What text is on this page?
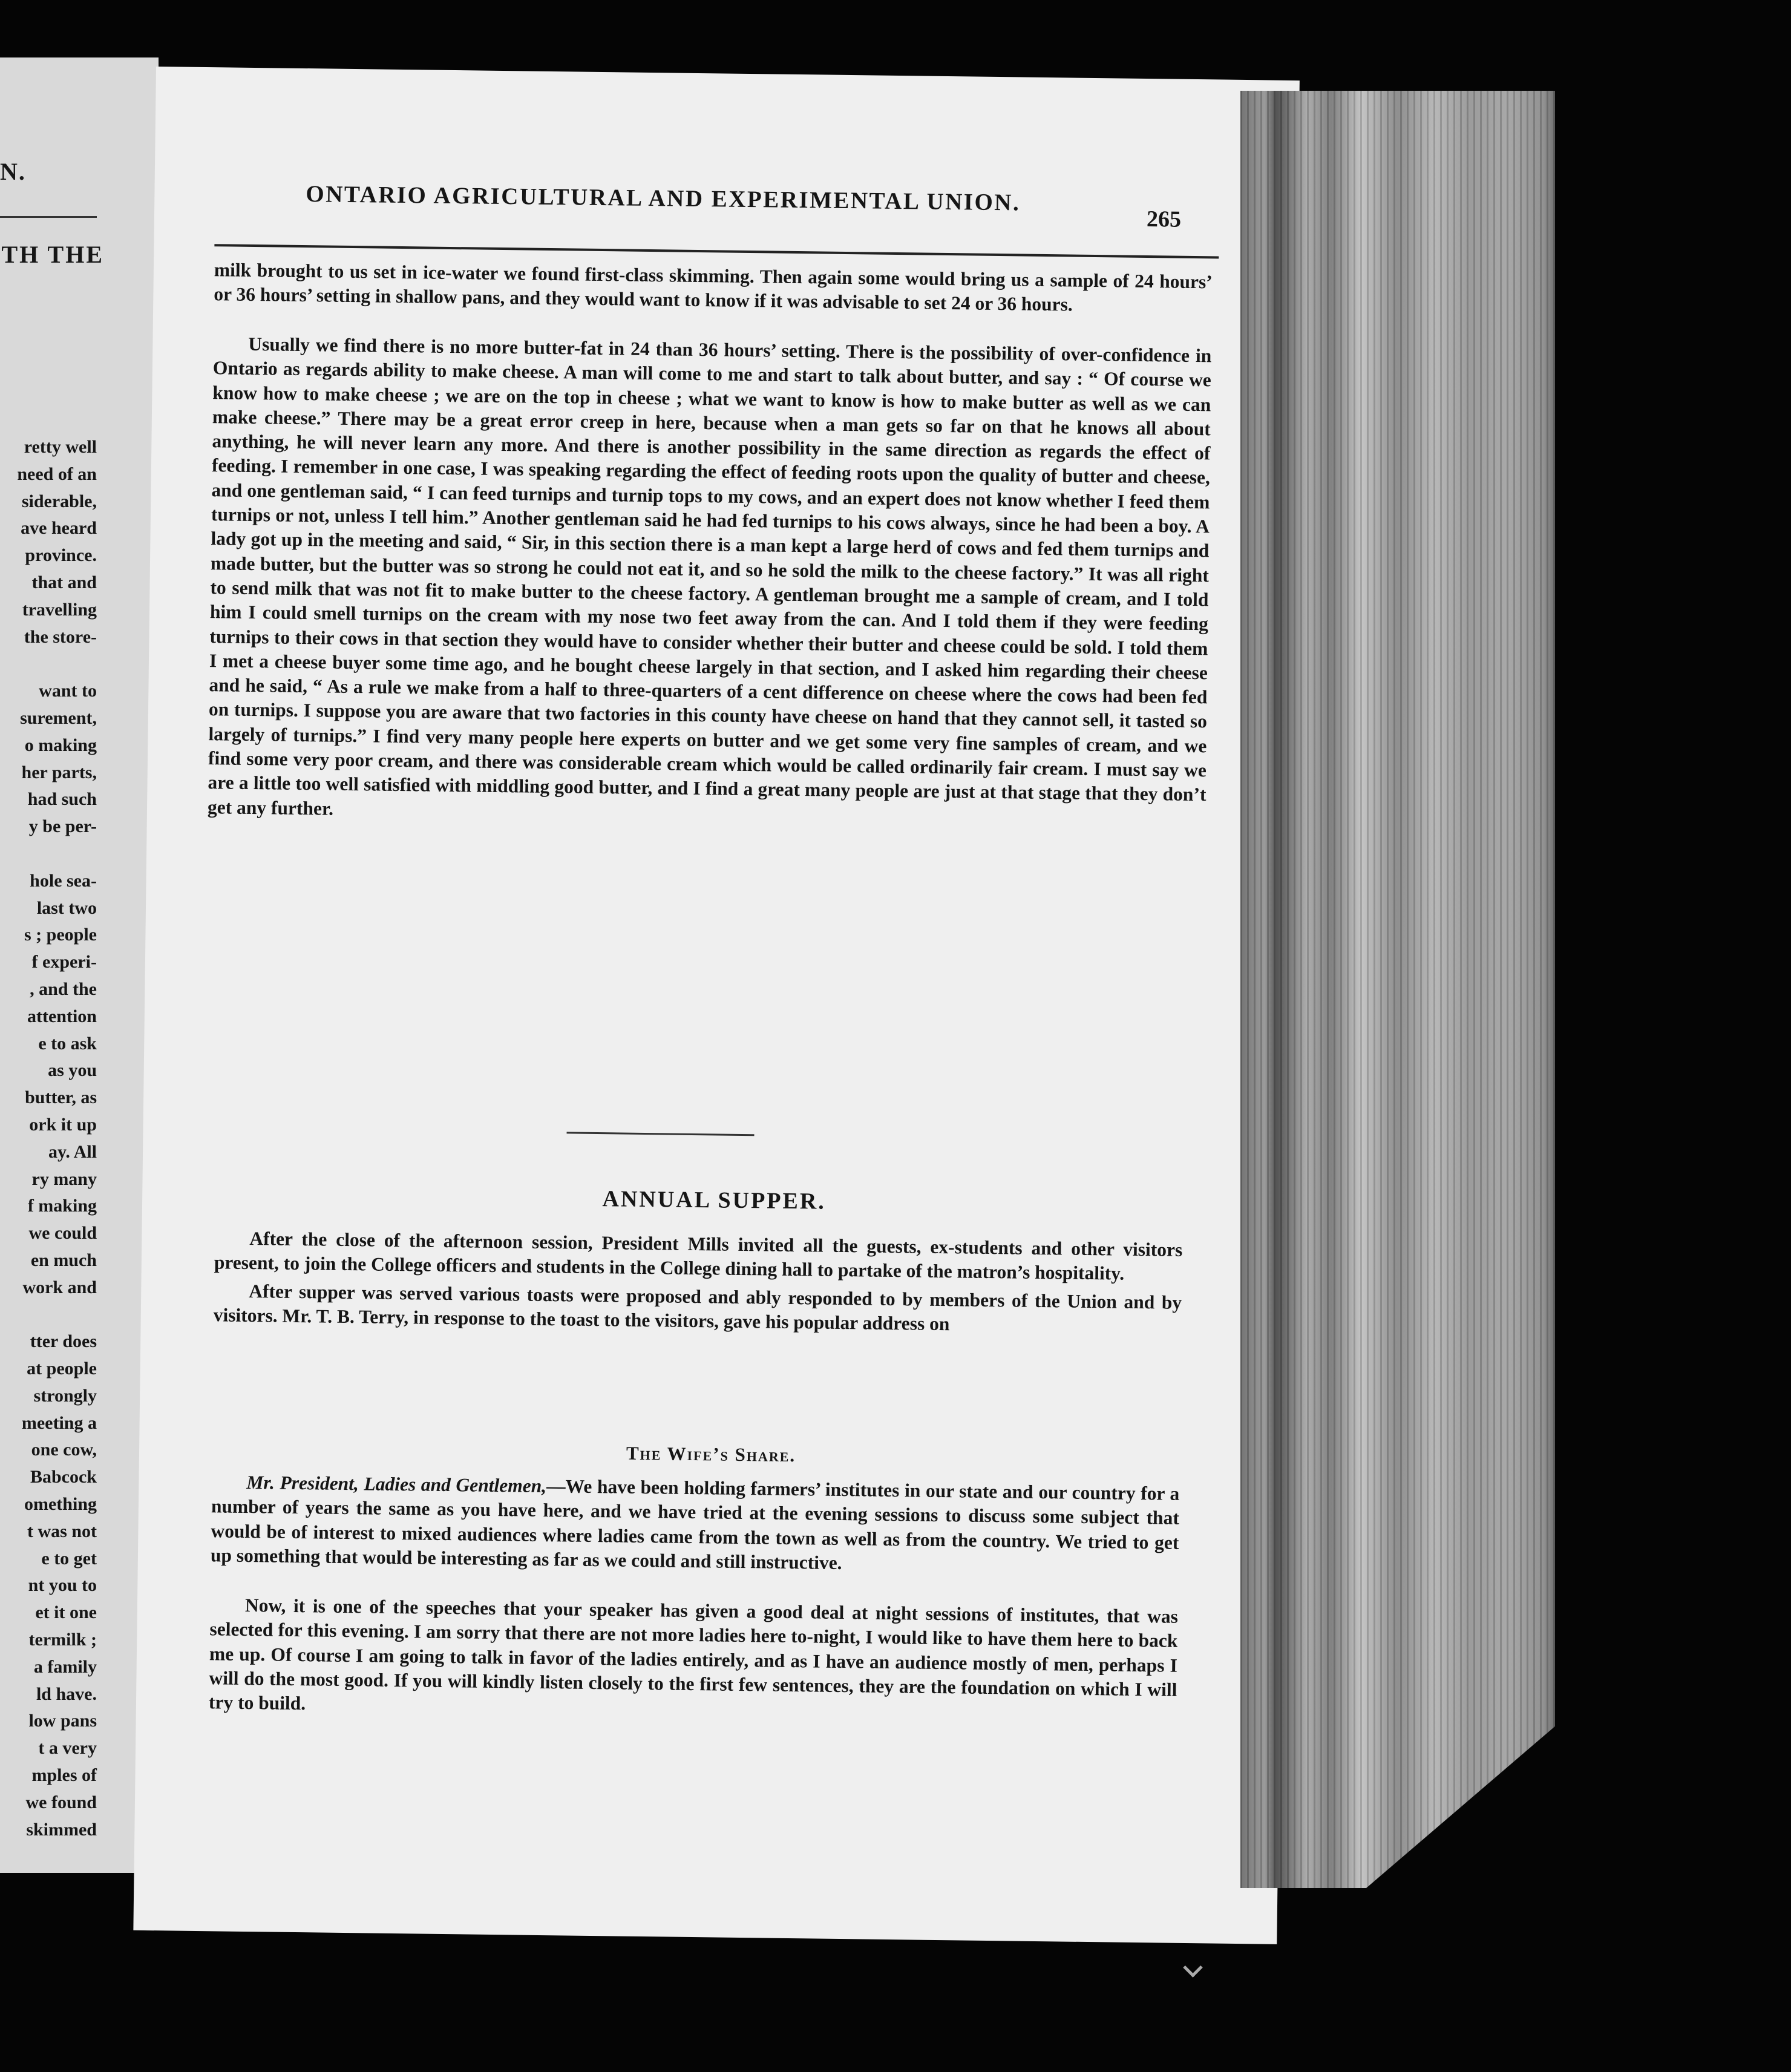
N.
TH THE
retty well
need of an
siderable,
ave heard
province.
that and
travelling
the store-

want to
surement,
o making
her parts,
had such
y be per-

hole sea-
last two
s ; people
f experi-
, and the
attention
e to ask
as you
butter, as
ork it up
ay. All
ry many
f making
we could
en much
work and

tter does
at people
strongly
meeting a
one cow,
Babcock
omething
t was not
e to get
nt you to
et it one
termilk ;
a family
ld have.
low pans
t a very
mples of
we found
skimmed
ONTARIO AGRICULTURAL AND EXPERIMENTAL UNION.
265

milk brought to us set in ice-water we found first-class skimming. Then again some would bring us a sample of 24 hours’ or 36 hours’ setting in shallow pans, and they would want to know if it was advisable to set 24 or 36 hours.

Usually we find there is no more butter-fat in 24 than 36 hours’ setting. There is the possibility of over-confidence in Ontario as regards ability to make cheese. A man will come to me and start to talk about butter, and say : “ Of course we know how to make cheese ; we are on the top in cheese ; what we want to know is how to make butter as well as we can make cheese.” There may be a great error creep in here, because when a man gets so far on that he knows all about anything, he will never learn any more. And there is another possibility in the same direction as regards the effect of feeding. I remember in one case, I was speaking regarding the effect of feeding roots upon the quality of butter and cheese, and one gentleman said, “ I can feed turnips and turnip tops to my cows, and an expert does not know whether I feed them turnips or not, unless I tell him.” Another gentleman said he had fed turnips to his cows always, since he had been a boy. A lady got up in the meeting and said, “ Sir, in this section there is a man kept a large herd of cows and fed them turnips and made butter, but the butter was so strong he could not eat it, and so he sold the milk to the cheese factory.” It was all right to send milk that was not fit to make butter to the cheese factory. A gentleman brought me a sample of cream, and I told him I could smell turnips on the cream with my nose two feet away from the can. And I told them if they were feeding turnips to their cows in that section they would have to consider whether their butter and cheese could be sold. I told them I met a cheese buyer some time ago, and he bought cheese largely in that section, and I asked him regarding their cheese and he said, “ As a rule we make from a half to three-quarters of a cent difference on cheese where the cows had been fed on turnips. I suppose you are aware that two factories in this county have cheese on hand that they cannot sell, it tasted so largely of turnips.” I find very many people here experts on butter and we get some very fine samples of cream, and we find some very poor cream, and there was considerable cream which would be called ordinarily fair cream. I must say we are a little too well satisfied with middling good butter, and I find a great many people are just at that stage that they don’t get any further.

ANNUAL SUPPER.

After the close of the afternoon session, President Mills invited all the guests, ex-students and other visitors present, to join the College officers and students in the College dining hall to partake of the matron’s hospitality.

After supper was served various toasts were proposed and ably responded to by members of the Union and by visitors. Mr. T. B. Terry, in response to the toast to the visitors, gave his popular address on

The Wife’s Share.

Mr. President, Ladies and Gentlemen,—We have been holding farmers’ institutes in our state and our country for a number of years the same as you have here, and we have tried at the evening sessions to discuss some subject that would be of interest to mixed audiences where ladies came from the town as well as from the country. We tried to get up something that would be interesting as far as we could and still instructive.

Now, it is one of the speeches that your speaker has given a good deal at night sessions of institutes, that was selected for this evening. I am sorry that there are not more ladies here to-night, I would like to have them here to back me up. Of course I am going to talk in favor of the ladies entirely, and as I have an audience mostly of men, perhaps I will do the most good. If you will kindly listen closely to the first few sentences, they are the foundation on which I will try to build.
